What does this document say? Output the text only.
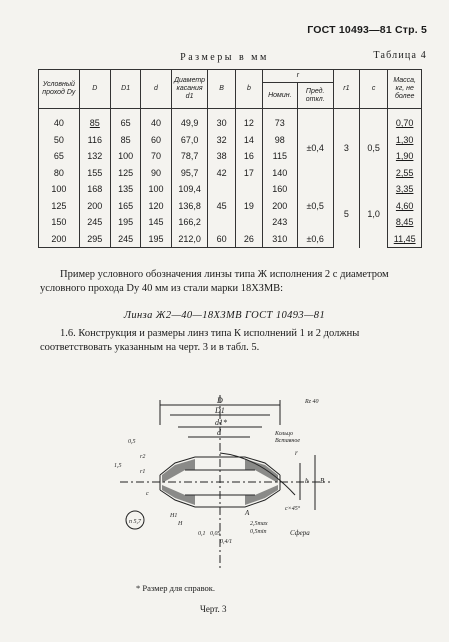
ГОСТ 10493—81 Стр. 5
Размеры в мм	Таблица 4
Условный проход Dy	D	D1	d	Диаметр касания d1	B	b	r		r1	c	Масса, кг, не более
							Номин.	Пред. откл.			
40	85	65	40	49,9	30	12	73	±0,4	3	0,5	0,70
50	116	85	60	67,0	32	14	98				1,30
65	132	100	70	78,7	38	16	115				1,90
80	155	125	90	95,7	42	17	140				2,55
100	168	135	100	109,4	45	19	160	±0,5	5	1,0	3,35
125	200	165	120	136,8			200				4,60
150	245	195	145	166,2			243				8,45
200	295	245	195	212,0	60	26	310	±0,6			11,45
Пример условного обозначения линзы типа Ж исполнения 2 с диаметром условного прохода Dy 40 мм из стали марки 18ХЗМВ:
Линза Ж2—40—18ХЗМВ ГОСТ 10493—81
1.6. Конструкция и размеры линз типа К исполнений 1 и 2 должны соответствовать указанным на черт. 3 и в табл. 5.
D
D1
d1*
d	Кольцо
Вставное
Rz 40
0,5
1,5
r2
r1
c
c×45°
H1
H
A
b B
r
2,5max
0,5min	Сфера
n 5,7
0,1 0,05
0,4/1
* Размер для справок.
Черт. 3
